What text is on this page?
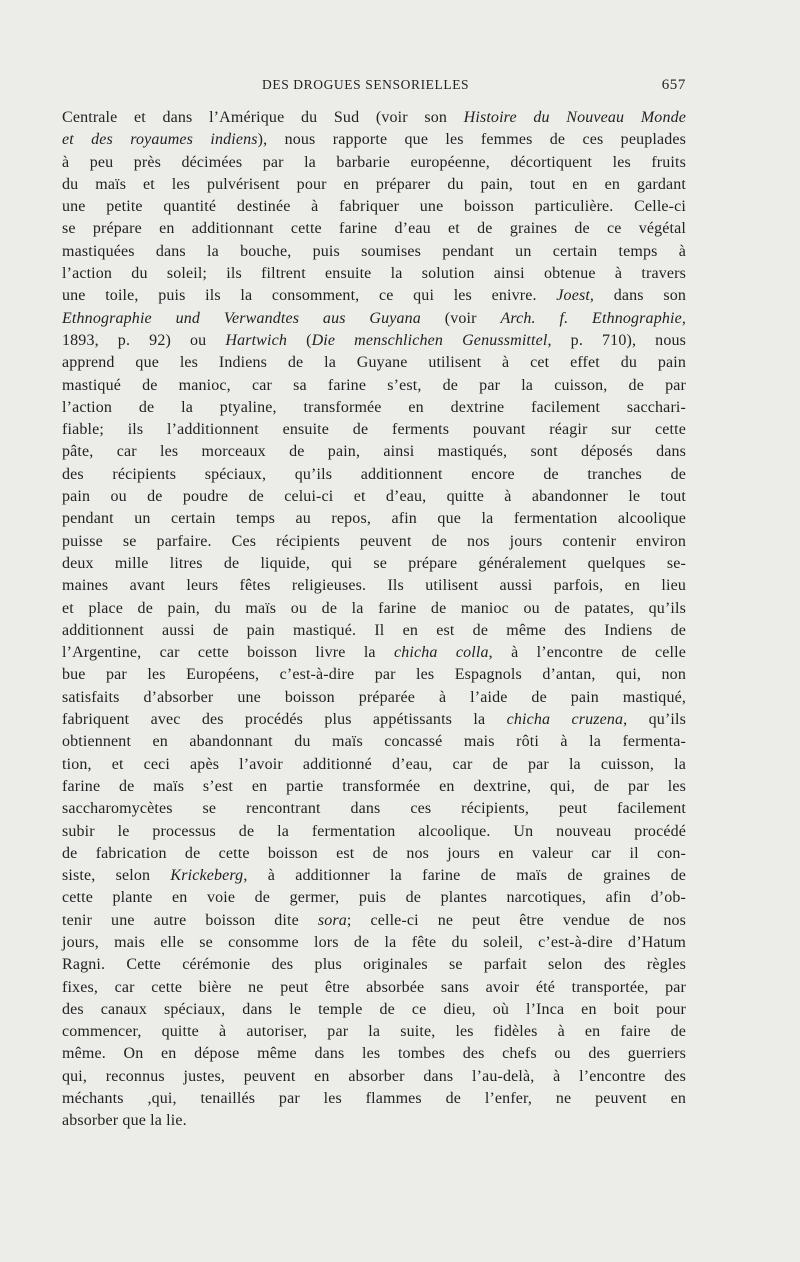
DES DROGUES SENSORIELLES	657
Centrale et dans l’Amérique du Sud (voir son Histoire du Nouveau Monde
et des royaumes indiens), nous rapporte que les femmes de ces peuplades
à peu près décimées par la barbarie européenne, décortiquent les fruits
du maïs et les pulvérisent pour en préparer du pain, tout en en gardant
une petite quantité destinée à fabriquer une boisson particulière. Celle-ci
se prépare en additionnant cette farine d’eau et de graines de ce végétal
mastiquées dans la bouche, puis soumises pendant un certain temps à
l’action du soleil; ils filtrent ensuite la solution ainsi obtenue à travers
une toile, puis ils la consomment, ce qui les enivre. Joest, dans son
Ethnographie und Verwandtes aus Guyana (voir Arch. f. Ethnographie,
1893, p. 92) ou Hartwich (Die menschlichen Genussmittel, p. 710), nous
apprend que les Indiens de la Guyane utilisent à cet effet du pain
mastiqué de manioc, car sa farine s’est, de par la cuisson, de par
l’action de la ptyaline, transformée en dextrine facilement sacchari-
fiable; ils l’additionnent ensuite de ferments pouvant réagir sur cette
pâte, car les morceaux de pain, ainsi mastiqués, sont déposés dans
des récipients spéciaux, qu’ils additionnent encore de tranches de
pain ou de poudre de celui-ci et d’eau, quitte à abandonner le tout
pendant un certain temps au repos, afin que la fermentation alcoolique
puisse se parfaire. Ces récipients peuvent de nos jours contenir environ
deux mille litres de liquide, qui se prépare généralement quelques se-
maines avant leurs fêtes religieuses. Ils utilisent aussi parfois, en lieu
et place de pain, du maïs ou de la farine de manioc ou de patates, qu’ils
additionnent aussi de pain mastiqué. Il en est de même des Indiens de
l’Argentine, car cette boisson livre la chicha colla, à l’encontre de celle
bue par les Européens, c’est-à-dire par les Espagnols d’antan, qui, non
satisfaits d’absorber une boisson préparée à l’aide de pain mastiqué,
fabriquent avec des procédés plus appétissants la chicha cruzena, qu’ils
obtiennent en abandonnant du maïs concassé mais rôti à la fermenta-
tion, et ceci apès l’avoir additionné d’eau, car de par la cuisson, la
farine de maïs s’est en partie transformée en dextrine, qui, de par les
saccharomycètes se rencontrant dans ces récipients, peut facilement
subir le processus de la fermentation alcoolique. Un nouveau procédé
de fabrication de cette boisson est de nos jours en valeur car il con-
siste, selon Krickeberg, à additionner la farine de maïs de graines de
cette plante en voie de germer, puis de plantes narcotiques, afin d’ob-
tenir une autre boisson dite sora; celle-ci ne peut être vendue de nos
jours, mais elle se consomme lors de la fête du soleil, c’est-à-dire d’Hatum
Ragni. Cette cérémonie des plus originales se parfait selon des règles
fixes, car cette bière ne peut être absorbée sans avoir été transportée, par
des canaux spéciaux, dans le temple de ce dieu, où l’Inca en boit pour
commencer, quitte à autoriser, par la suite, les fidèles à en faire de
même. On en dépose même dans les tombes des chefs ou des guerriers
qui, reconnus justes, peuvent en absorber dans l’au-delà, à l’encontre des
méchants ,qui, tenaillés par les flammes de l’enfer, ne peuvent en
absorber que la lie.
